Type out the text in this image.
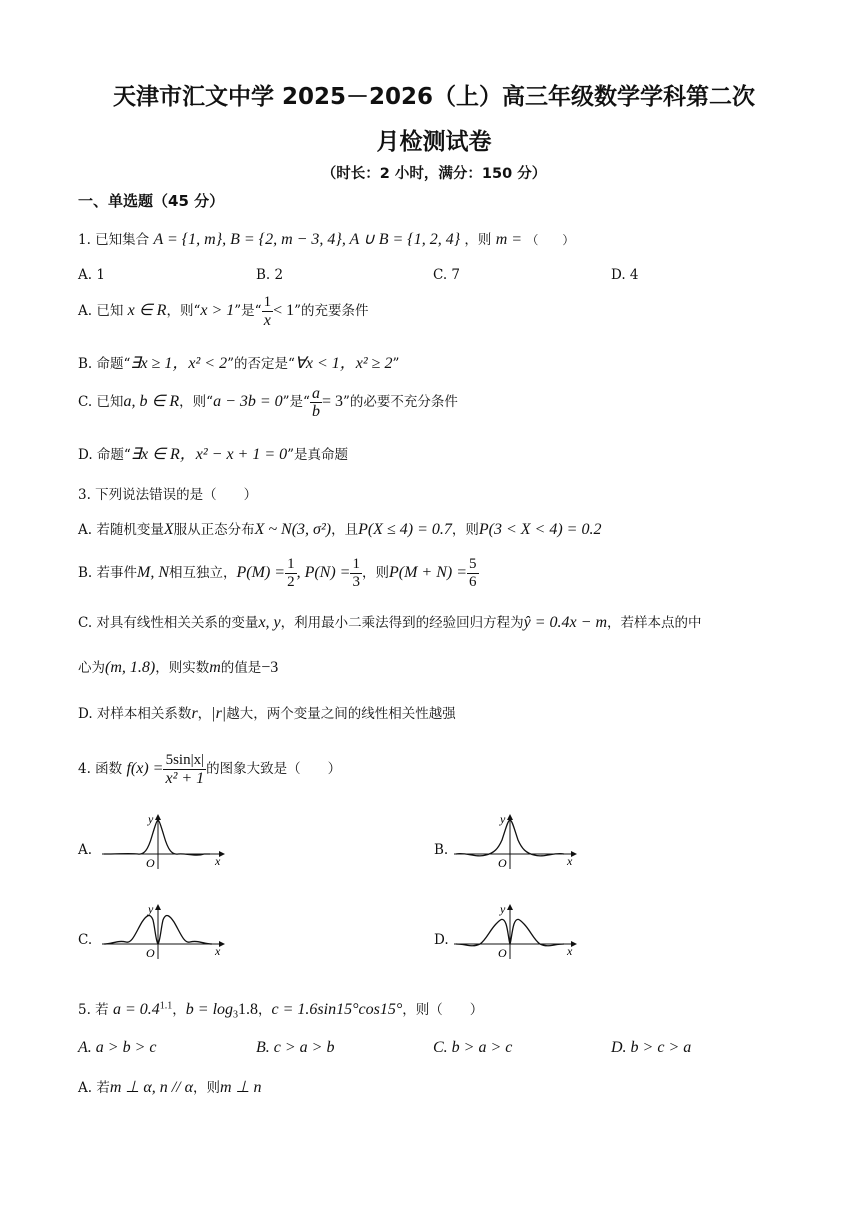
天津市汇文中学 2025－2026（上）高三年级数学学科第二次
月检测试卷
（时长：2 小时，满分：150 分）
一、单选题（45 分）
1. 已知集合 A = {1, m}, B = {2, m − 3, 4}, A ∪ B = {1, 2, 4} ，则 m = （　　）
A. 1	B. 2	C. 7	D. 4
A. 已知 x ∈ R，则“x > 1”是“ $\frac{1}{x} < 1$”的充要条件
B. 命题“∃x ≥ 1，x² < 2”的否定是“∀x < 1，x² ≥ 2”
C. 已知a, b ∈ R，则“a − 3b = 0”是“ $\frac{a}{b} = 3$”的必要不充分条件
D. 命题“∃x ∈ R，x² − x + 1 = 0”是真命题
3. 下列说法错误的是（　　）
A. 若随机变量X服从正态分布X ~ N(3, σ²)，且P(X ≤ 4) = 0.7，则P(3 < X < 4) = 0.2
B. 若事件M, N相互独立，$P(M) = \frac{1}{2}$ , $P(N) = \frac{1}{3}$ ，则$P(M + N) = \frac{5}{6}$
C. 对具有线性相关关系的变量x, y，利用最小二乘法得到的经验回归方程为ŷ = 0.4x − m，若样本点的中
心为(m, 1.8)，则实数m的值是−3
D. 对样本相关系数r，|r|越大，两个变量之间的线性相关性越强
4. 函数 $f(x) = \frac{5\sin|x|}{\text{x² + 1}}$ 的图象大致是（　　）
A.	B.
C.	D.
y
O	x
y
O	x
y
O	x
y
O	x
5. 若 $a = 0.4^{1.1}$，$b = \log_31.8$，c = 1.6sin15°cos15°，则（　　）
A. a > b > c	B. c > a > b	C. b > a > c	D. b > c > a
A. 若m ⊥ α, n // α，则m ⊥ n
